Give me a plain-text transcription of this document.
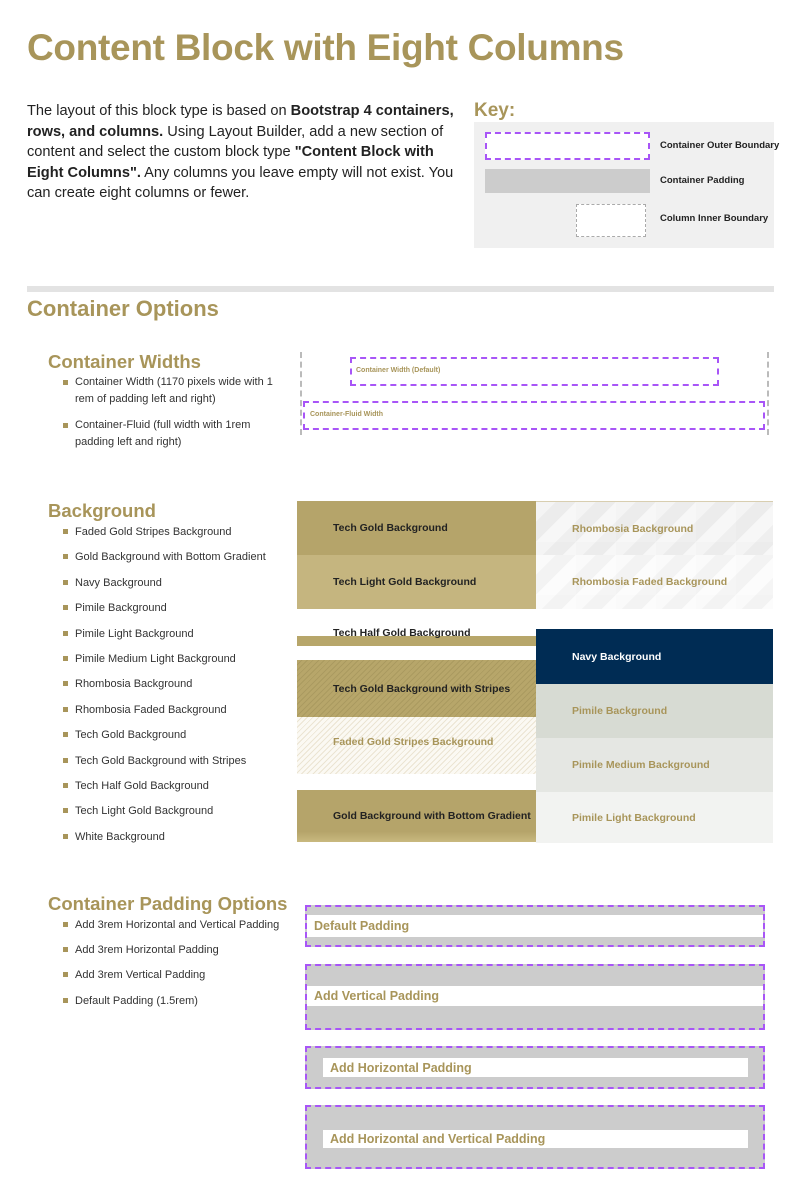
Content Block with Eight Columns

The layout of this block type is based on Bootstrap 4 containers, rows, and columns. Using Layout Builder, add a new section of content and select the custom block type "Content Block with Eight Columns". Any columns you leave empty will not exist. You can create eight columns or fewer.

Key:
Container Outer Boundary
Container Padding
Column Inner Boundary
Container Options
Container Widths
Container Width (1170 pixels wide with 1 rem of padding left and right)
Container-Fluid (full width with 1rem padding left and right)
Container Width (Default)
Container-Fluid Width
Background
Faded Gold Stripes Background
Gold Background with Bottom Gradient
Navy Background
Pimile Background
Pimile Light Background
Pimile Medium Light Background
Rhombosia Background
Rhombosia Faded Background
Tech Gold Background
Tech Gold Background with Stripes
Tech Half Gold Background
Tech Light Gold Background
White Background
Tech Gold Background
Tech Light Gold Background
Tech Half Gold Background
Tech Gold Background with Stripes
Faded Gold Stripes Background
Gold Background with Bottom Gradient
Rhombosia Background
Rhombosia Faded Background
Navy Background
Pimile Background
Pimile Medium Background
Pimile Light Background
Container Padding Options
Add 3rem Horizontal and Vertical Padding
Add 3rem Horizontal Padding
Add 3rem Vertical Padding
Default Padding (1.5rem)
Default Padding
Add Vertical Padding
Add Horizontal Padding
Add Horizontal and Vertical Padding
